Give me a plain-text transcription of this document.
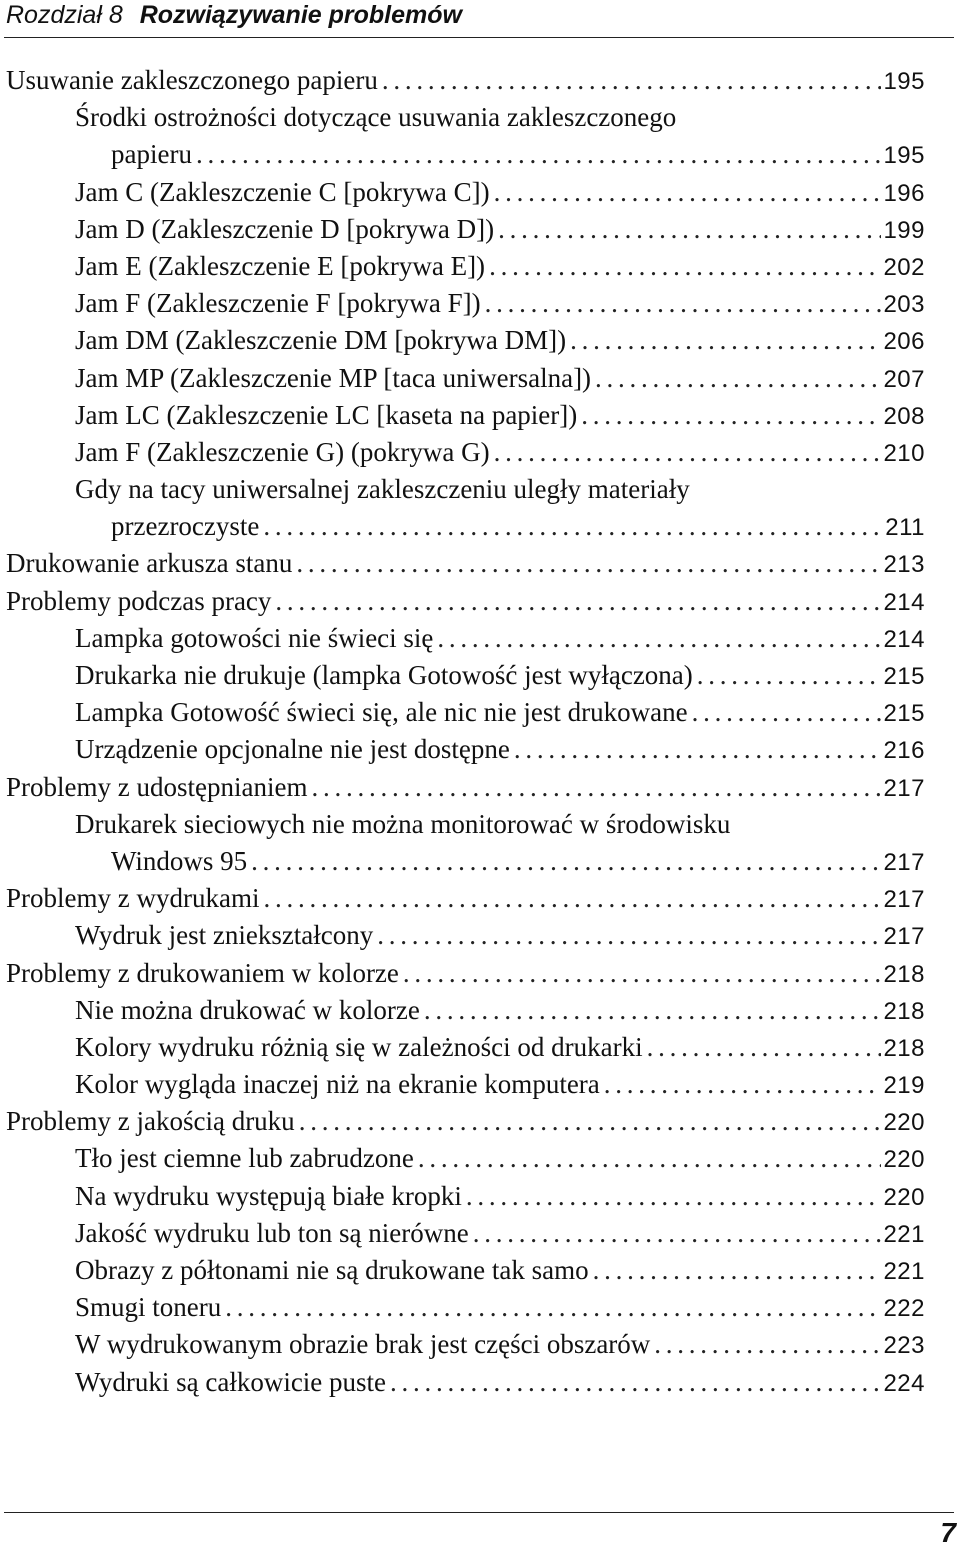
Rozdział 8 Rozwiązywanie problemów
Usuwanie zakleszczonego papieru . . .	195
Środki ostrożności dotyczące usuwania zakleszczonego
papieru . . .	195
Jam C (Zakleszczenie C [pokrywa C]) . . .	196
Jam D (Zakleszczenie D [pokrywa D]) . . .	199
Jam E (Zakleszczenie E [pokrywa E]) . . .	202
Jam F (Zakleszczenie F [pokrywa F]) . . .	203
Jam DM (Zakleszczenie DM [pokrywa DM]) . . .	206
Jam MP (Zakleszczenie MP [taca uniwersalna]) . . .	207
Jam LC (Zakleszczenie LC [kaseta na papier]) . . .	208
Jam F (Zakleszczenie G) (pokrywa G) . . .	210
Gdy na tacy uniwersalnej zakleszczeniu uległy materiały
przezroczyste . . .	211
Drukowanie arkusza stanu . . .	213
Problemy podczas pracy . . .	214
Lampka gotowości nie świeci się . . .	214
Drukarka nie drukuje (lampka Gotowość jest wyłączona) . . .	215
Lampka Gotowość świeci się, ale nic nie jest drukowane . . .	215
Urządzenie opcjonalne nie jest dostępne . . .	216
Problemy z udostępnianiem . . .	217
Drukarek sieciowych nie można monitorować w środowisku
Windows 95 . . .	217
Problemy z wydrukami . . .	217
Wydruk jest zniekształcony . . .	217
Problemy z drukowaniem w kolorze . . .	218
Nie można drukować w kolorze . . .	218
Kolory wydruku różnią się w zależności od drukarki . . .	218
Kolor wygląda inaczej niż na ekranie komputera . . .	219
Problemy z jakością druku . . .	220
Tło jest ciemne lub zabrudzone . . .	220
Na wydruku występują białe kropki . . .	220
Jakość wydruku lub ton są nierówne . . .	221
Obrazy z półtonami nie są drukowane tak samo . . .	221
Smugi toneru . . .	222
W wydrukowanym obrazie brak jest części obszarów . . .	223
Wydruki są całkowicie puste . . .	224
7
